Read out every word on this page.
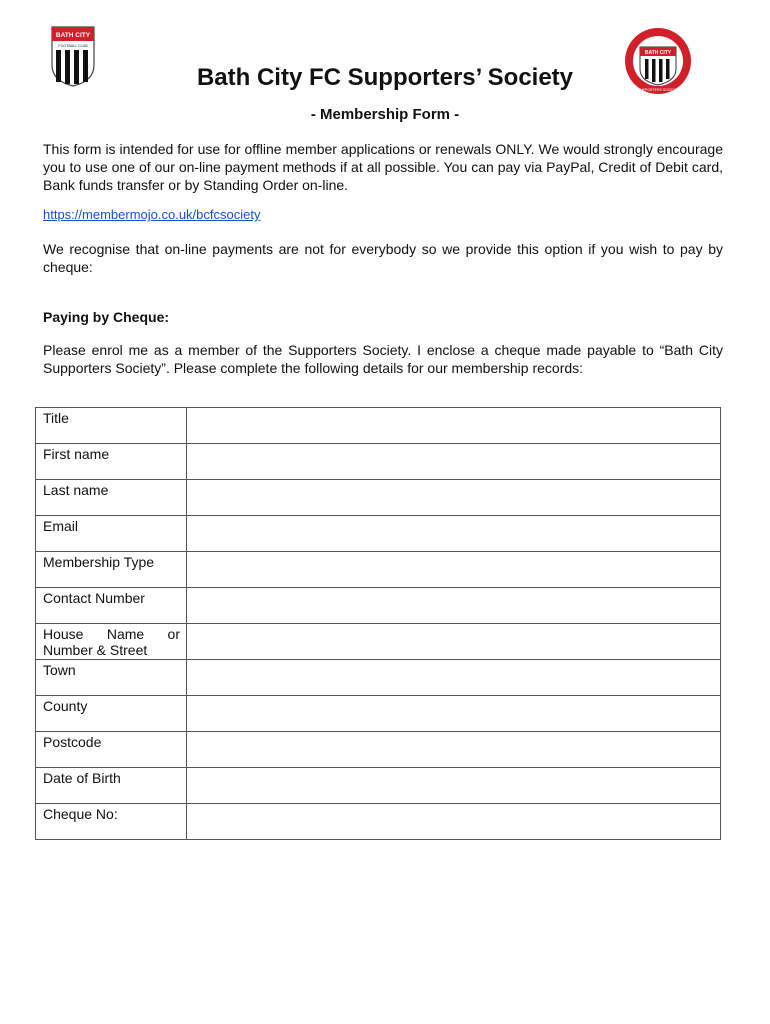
BATH CITY
FOOTBALL CLUB
BATH CITY
SUPPORTERS SOCIETY
Bath City FC Supporters’ Society
- Membership Form -

This form is intended for use for offline member applications or renewals ONLY. We would strongly encourage you to use one of our on-line payment methods if at all possible. You can pay via PayPal, Credit of Debit card, Bank funds transfer or by Standing Order on-line.

https://membermojo.co.uk/bcfcsociety

We recognise that on-line payments are not for everybody so we provide this option if you wish to pay by cheque:

Paying by Cheque:

Please enrol me as a member of the Supporters Society. I enclose a cheque made payable to “Bath City Supporters Society”. Please complete the following details for our membership records:

Title	
First name	
Last name	
Email	
Membership Type	
Contact Number	

House Name or
Number & Street	

Town	
County	
Postcode	
Date of Birth	
Cheque No:	
